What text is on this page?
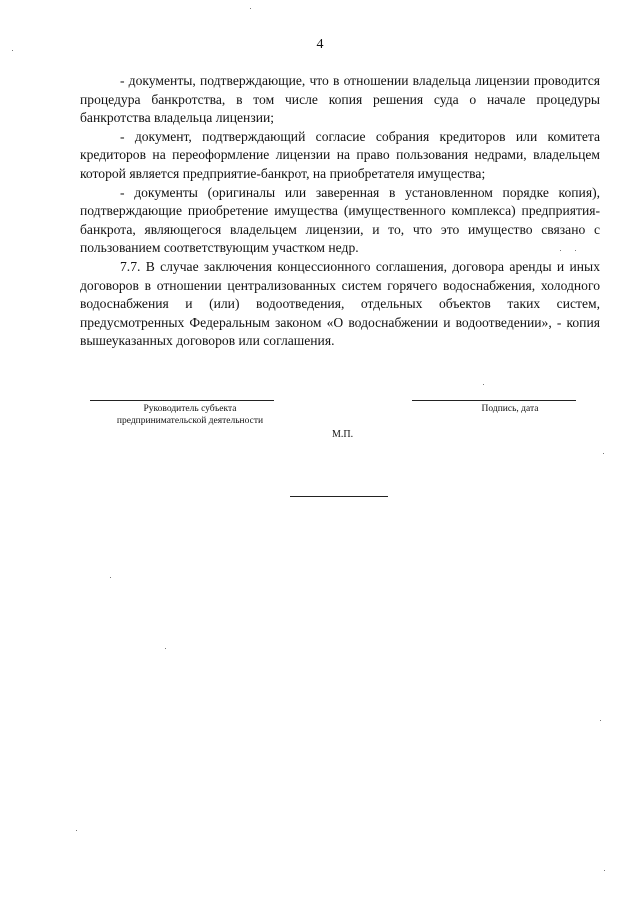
4

- документы, подтверждающие, что в отношении владельца лицензии проводится процедура банкротства, в том числе копия решения суда о начале процедуры банкротства владельца лицензии;

- документ, подтверждающий согласие собрания кредиторов или комитета кредиторов на переоформление лицензии на право пользования недрами, владельцем которой является предприятие-банкрот, на приобретателя имущества;

- документы (оригиналы или заверенная в установленном порядке копия), подтверждающие приобретение имущества (имущественного комплекса) предприятия-банкрота, являющегося владельцем лицензии, и то, что это имущество связано с пользованием соответствующим участком недр.

7.7. В случае заключения концессионного соглашения, договора аренды и иных договоров в отношении централизованных систем горячего водоснабжения, холодного водоснабжения и (или) водоотведения, отдельных объектов таких систем, предусмотренных Федеральным законом «О водоснабжении и водоотведении», - копия вышеуказанных договоров или соглашения.

Руководитель субъекта
предпринимательской деятельности
Подпись, дата
М.П.
